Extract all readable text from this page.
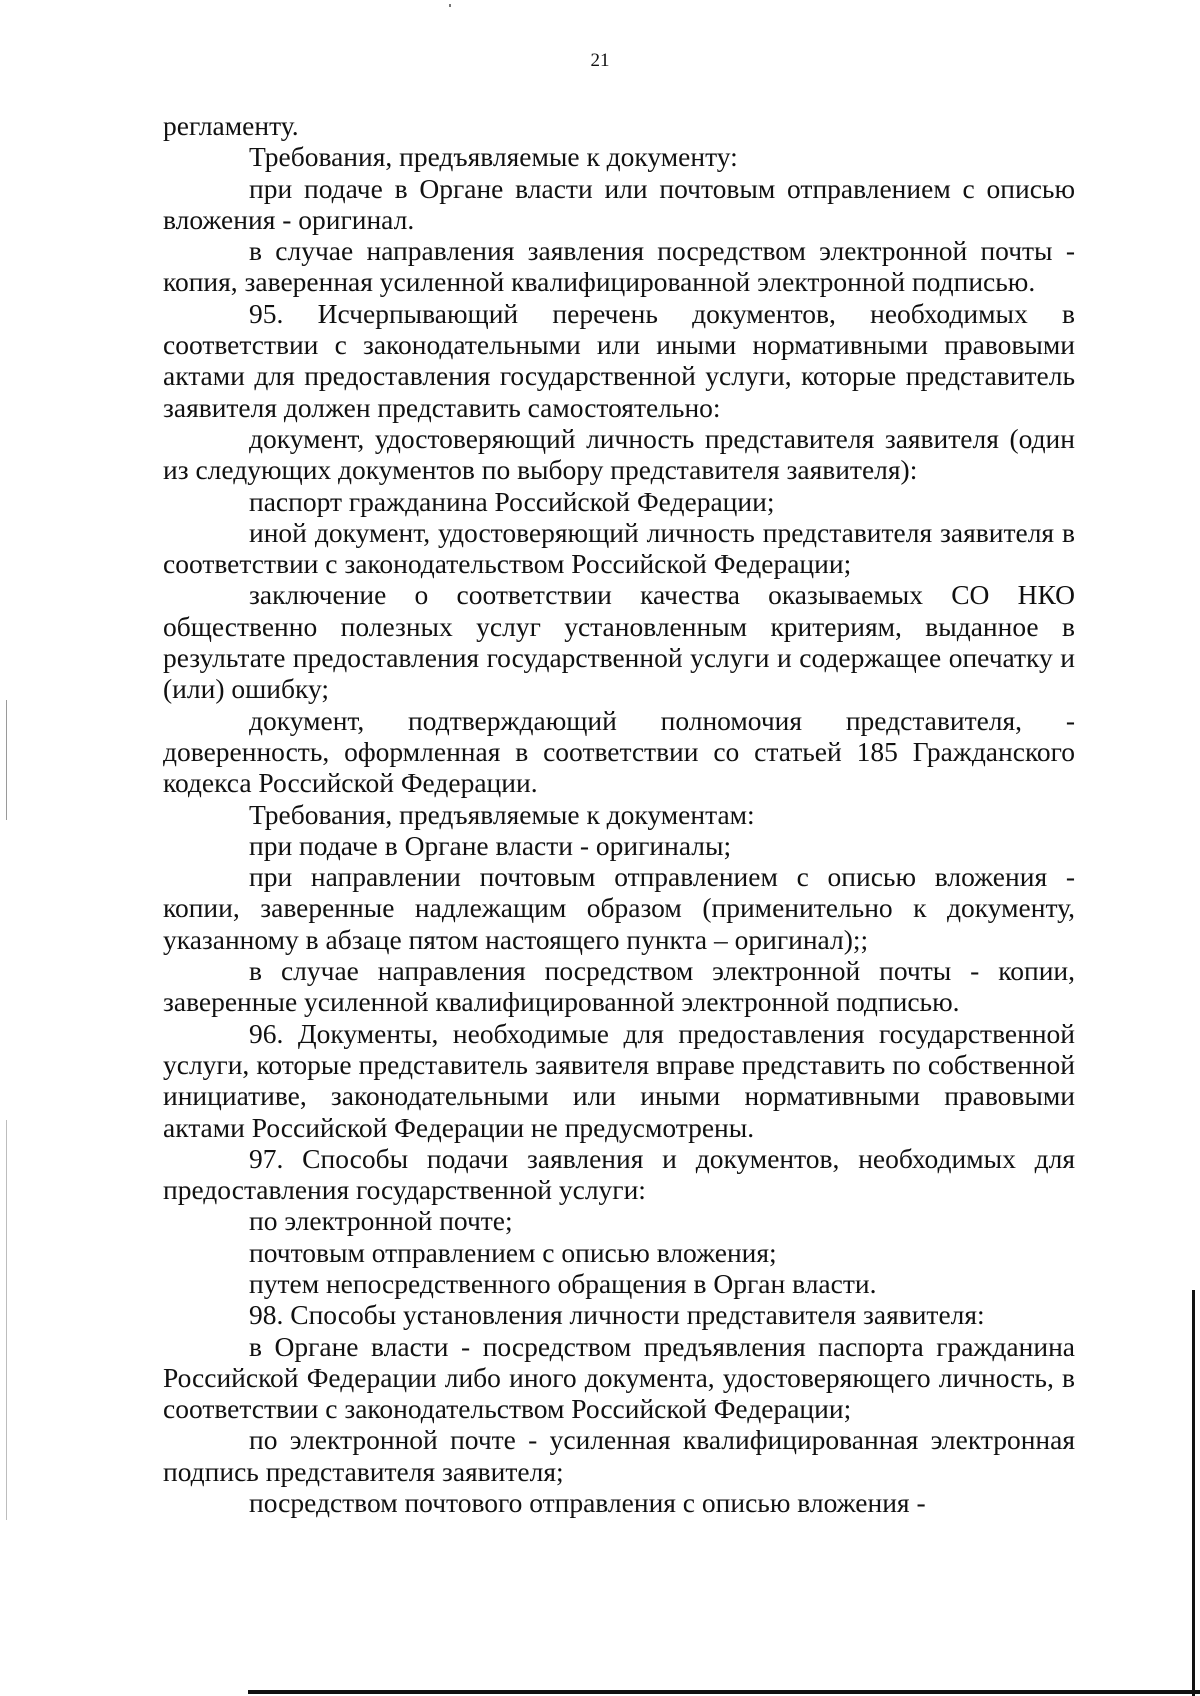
21

регламенту.

Требования, предъявляемые к документу:

при подаче в Органе власти или почтовым отправлением с описью вложения - оригинал.

в случае направления заявления посредством электронной почты - копия, заверенная усиленной квалифицированной электронной подписью.

95. Исчерпывающий перечень документов, необходимых в соответствии с законодательными или иными нормативными правовыми актами для предоставления государственной услуги, которые представитель заявителя должен представить самостоятельно:

документ, удостоверяющий личность представителя заявителя (один из следующих документов по выбору представителя заявителя):

паспорт гражданина Российской Федерации;

иной документ, удостоверяющий личность представителя заявителя в соответствии с законодательством Российской Федерации;

заключение о соответствии качества оказываемых СО НКО общественно полезных услуг установленным критериям, выданное в результате предоставления государственной услуги и содержащее опечатку и (или) ошибку;

документ, подтверждающий полномочия представителя, - доверенность, оформленная в соответствии со статьей 185 Гражданского кодекса Российской Федерации.

Требования, предъявляемые к документам:

при подаче в Органе власти - оригиналы;

при направлении почтовым отправлением с описью вложения - копии, заверенные надлежащим образом (применительно к документу, указанному в абзаце пятом настоящего пункта – оригинал);;

в случае направления посредством электронной почты - копии, заверенные усиленной квалифицированной электронной подписью.

96. Документы, необходимые для предоставления государственной услуги, которые представитель заявителя вправе представить по собственной инициативе, законодательными или иными нормативными правовыми актами Российской Федерации не предусмотрены.

97. Способы подачи заявления и документов, необходимых для предоставления государственной услуги:

по электронной почте;

почтовым отправлением с описью вложения;

путем непосредственного обращения в Орган власти.

98. Способы установления личности представителя заявителя:

в Органе власти - посредством предъявления паспорта гражданина Российской Федерации либо иного документа, удостоверяющего личность, в соответствии с законодательством Российской Федерации;

по электронной почте - усиленная квалифицированная электронная подпись представителя заявителя;

посредством почтового отправления с описью вложения -
